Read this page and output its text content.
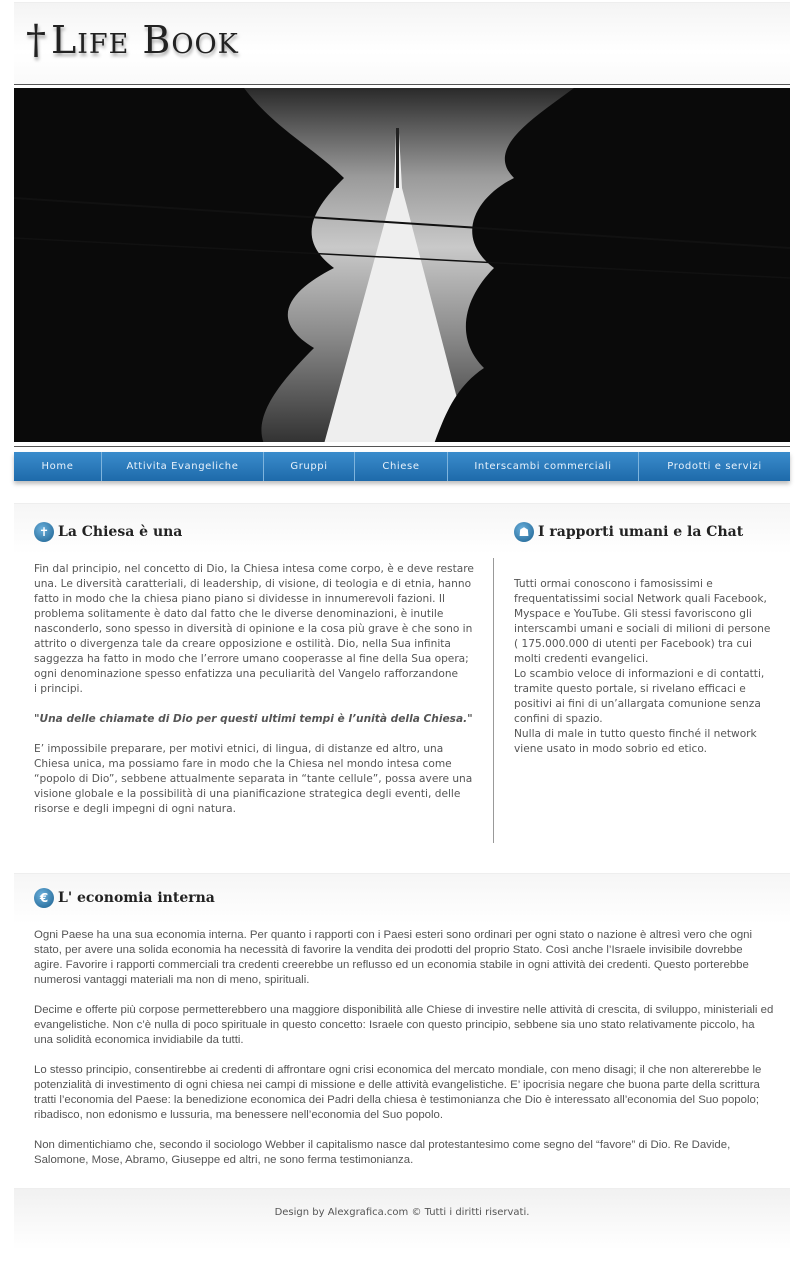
† Life Book
Home	Attivita Evangeliche	Gruppi	Chiese	Interscambi commerciali	Prodotti e servizi
✝ La Chiesa è una

Fin dal principio, nel concetto di Dio, la Chiesa intesa come corpo, è e deve restare una. Le diversità caratteriali, di leadership, di visione, di teologia e di etnia, hanno fatto in modo che la chiesa piano piano si dividesse in innumerevoli fazioni. Il problema solitamente è dato dal fatto che le diverse denominazioni, è inutile nasconderlo, sono spesso in diversità di opinione e la cosa più grave è che sono in attrito o divergenza tale da creare opposizione e ostilità. Dio, nella Sua infinita saggezza ha fatto in modo che l’errore umano cooperasse al fine della Sua opera; ogni denominazione spesso enfatizza una peculiarità del Vangelo rafforzandone
i principi.

"Una delle chiamate di Dio per questi ultimi tempi è l’unità della Chiesa."

E’ impossibile preparare, per motivi etnici, di lingua, di distanze ed altro, una Chiesa unica, ma possiamo fare in modo che la Chiesa nel mondo intesa come “popolo di Dio”, sebbene attualmente separata in “tante cellule”, possa avere una visione globale e la possibilità di una pianificazione strategica degli eventi, delle risorse e degli impegni di ogni natura.

☗ I rapporti umani e la Chat
Tutti ormai conoscono i famosissimi e frequentatissimi social Network quali Facebook, Myspace e YouTube. Gli stessi favoriscono gli interscambi umani e sociali di milioni di persone ( 175.000.000 di utenti per Facebook) tra cui molti credenti evangelici.
Lo scambio veloce di informazioni e di contatti, tramite questo portale, si rivelano efficaci e positivi ai fini di un’allargata comunione senza confini di spazio.
Nulla di male in tutto questo finché il network viene usato in modo sobrio ed etico.
€ L' economia interna

Ogni Paese ha una sua economia interna. Per quanto i rapporti con i Paesi esteri sono ordinari per ogni stato o nazione è altresì vero che ogni stato, per avere una solida economia ha necessità di favorire la vendita dei prodotti del proprio Stato. Così anche l’Israele invisibile dovrebbe agire. Favorire i rapporti commerciali tra credenti creerebbe un reflusso ed un economia stabile in ogni attività dei credenti. Questo porterebbe numerosi vantaggi materiali ma non di meno, spirituali.

Decime e offerte più corpose permetterebbero una maggiore disponibilità alle Chiese di investire nelle attività di crescita, di sviluppo, ministeriali ed evangelistiche. Non c’è nulla di poco spirituale in questo concetto: Israele con questo principio, sebbene sia uno stato relativamente piccolo, ha una solidità economica invidiabile da tutti.

Lo stesso principio, consentirebbe ai credenti di affrontare ogni crisi economica del mercato mondiale, con meno disagi; il che non altererebbe le potenzialità di investimento di ogni chiesa nei campi di missione e delle attività evangelistiche. E’ ipocrisia negare che buona parte della scrittura tratti l’economia del Paese: la benedizione economica dei Padri della chiesa è testimonianza che Dio è interessato all’economia del Suo popolo; ribadisco, non edonismo e lussuria, ma benessere nell’economia del Suo popolo.

Non dimentichiamo che, secondo il sociologo Webber il capitalismo nasce dal protestantesimo come segno del “favore” di Dio. Re Davide, Salomone, Mose, Abramo, Giuseppe ed altri, ne sono ferma testimonianza.

Design by Alexgrafica.com © Tutti i diritti riservati.
